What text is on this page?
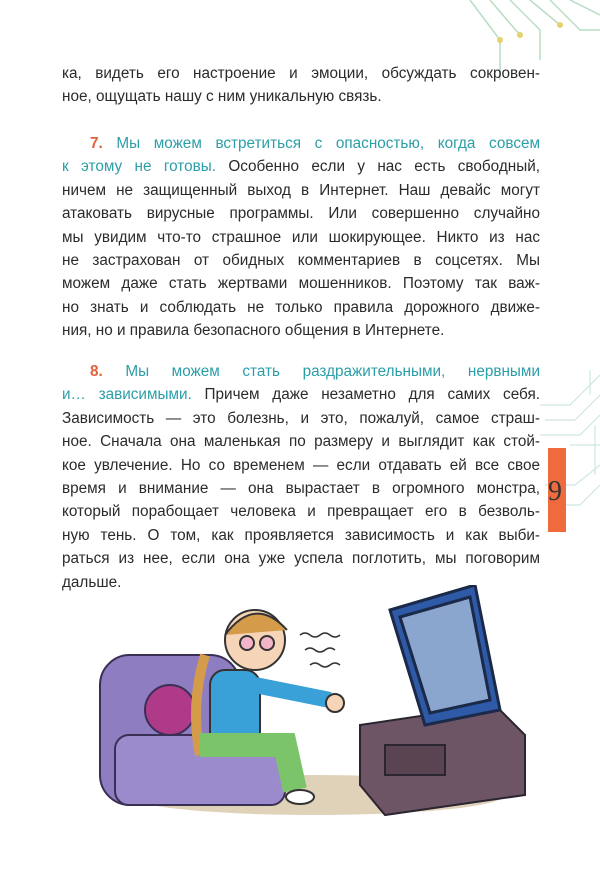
9
ка, видеть его настроение и эмоции, обсуждать сокровен-
ное, ощущать нашу с ним уникальную связь.
7. Мы можем встретиться с опасностью, когда совсем
к этому не готовы. Особенно если у нас есть свободный,
ничем не защищенный выход в Интернет. Наш девайс могут
атаковать вирусные программы. Или совершенно случайно
мы увидим что-то страшное или шокирующее. Никто из нас
не застрахован от обидных комментариев в соцсетях. Мы
можем даже стать жертвами мошенников. Поэтому так важ-
но знать и соблюдать не только правила дорожного движе-
ния, но и правила безопасного общения в Интернете.
8. Мы можем стать раздражительными, нервными
и… зависимыми. Причем даже незаметно для самих себя.
Зависимость — это болезнь, и это, пожалуй, самое страш-
ное. Сначала она маленькая по размеру и выглядит как стой-
кое увлечение. Но со временем — если отдавать ей все свое
время и внимание — она вырастает в огромного монстра,
который порабощает человека и превращает его в безволь-
ную тень. О том, как проявляется зависимость и как выби-
раться из нее, если она уже успела поглотить, мы поговорим
дальше.
